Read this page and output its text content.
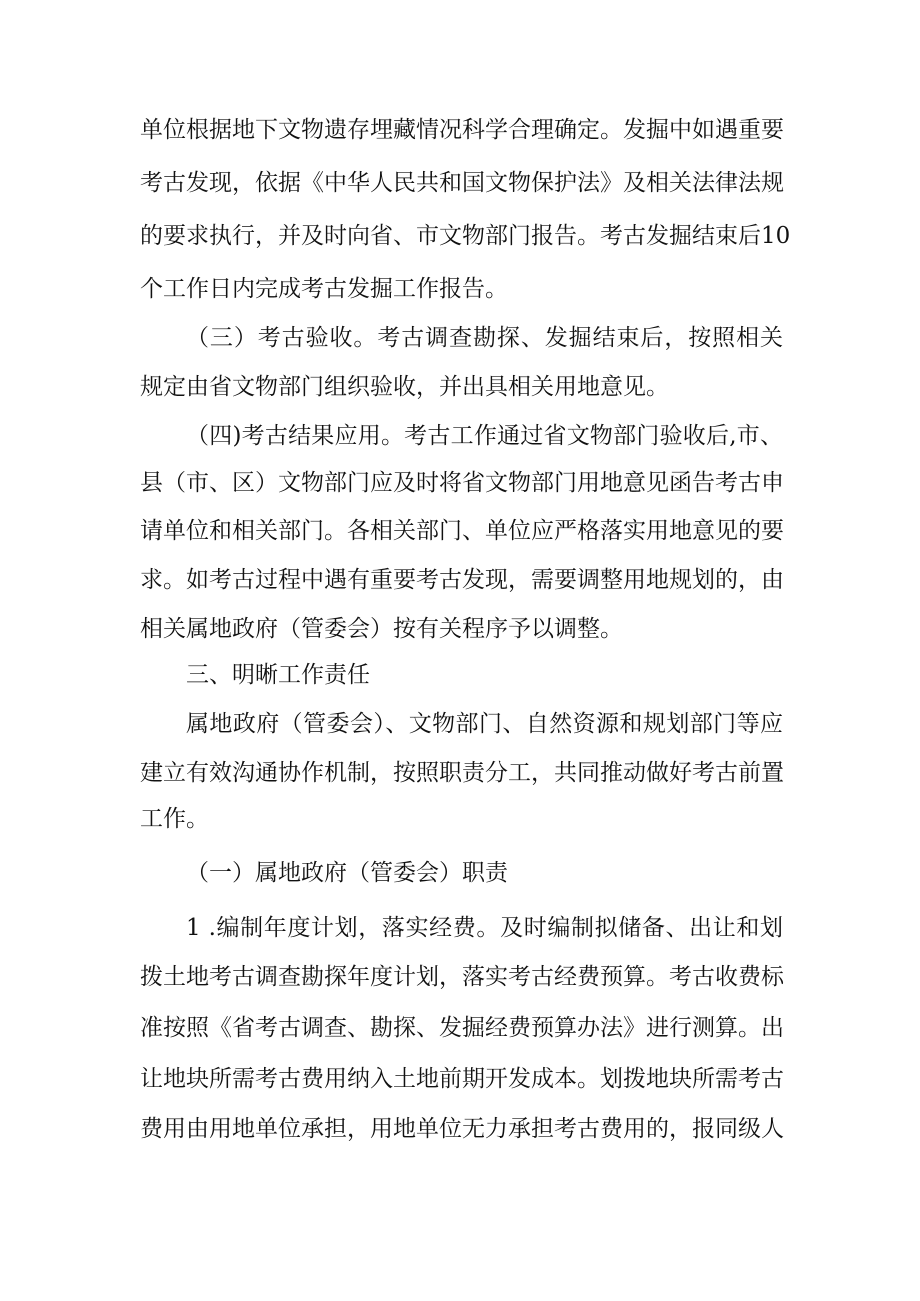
单位根据地下文物遗存埋藏情况科学合理确定。发掘中如遇重要
考古发现，依据《中华人民共和国文物保护法》及相关法律法规
的要求执行，并及时向省、市文物部门报告。考古发掘结束后10
个工作日内完成考古发掘工作报告。
（三）考古验收。考古调查勘探、发掘结束后，按照相关
规定由省文物部门组织验收，并出具相关用地意见。
（四)考古结果应用。考古工作通过省文物部门验收后,市、
县（市、区）文物部门应及时将省文物部门用地意见函告考古申
请单位和相关部门。各相关部门、单位应严格落实用地意见的要
求。如考古过程中遇有重要考古发现，需要调整用地规划的，由
相关属地政府（管委会）按有关程序予以调整。
三、明晰工作责任
属地政府（管委会）、文物部门、自然资源和规划部门等应
建立有效沟通协作机制，按照职责分工，共同推动做好考古前置
工作。
（一）属地政府（管委会）职责
1 .编制年度计划，落实经费。及时编制拟储备、出让和划
拨土地考古调查勘探年度计划，落实考古经费预算。考古收费标
准按照《省考古调查、勘探、发掘经费预算办法》进行测算。出
让地块所需考古费用纳入土地前期开发成本。划拨地块所需考古
费用由用地单位承担，用地单位无力承担考古费用的，报同级人
